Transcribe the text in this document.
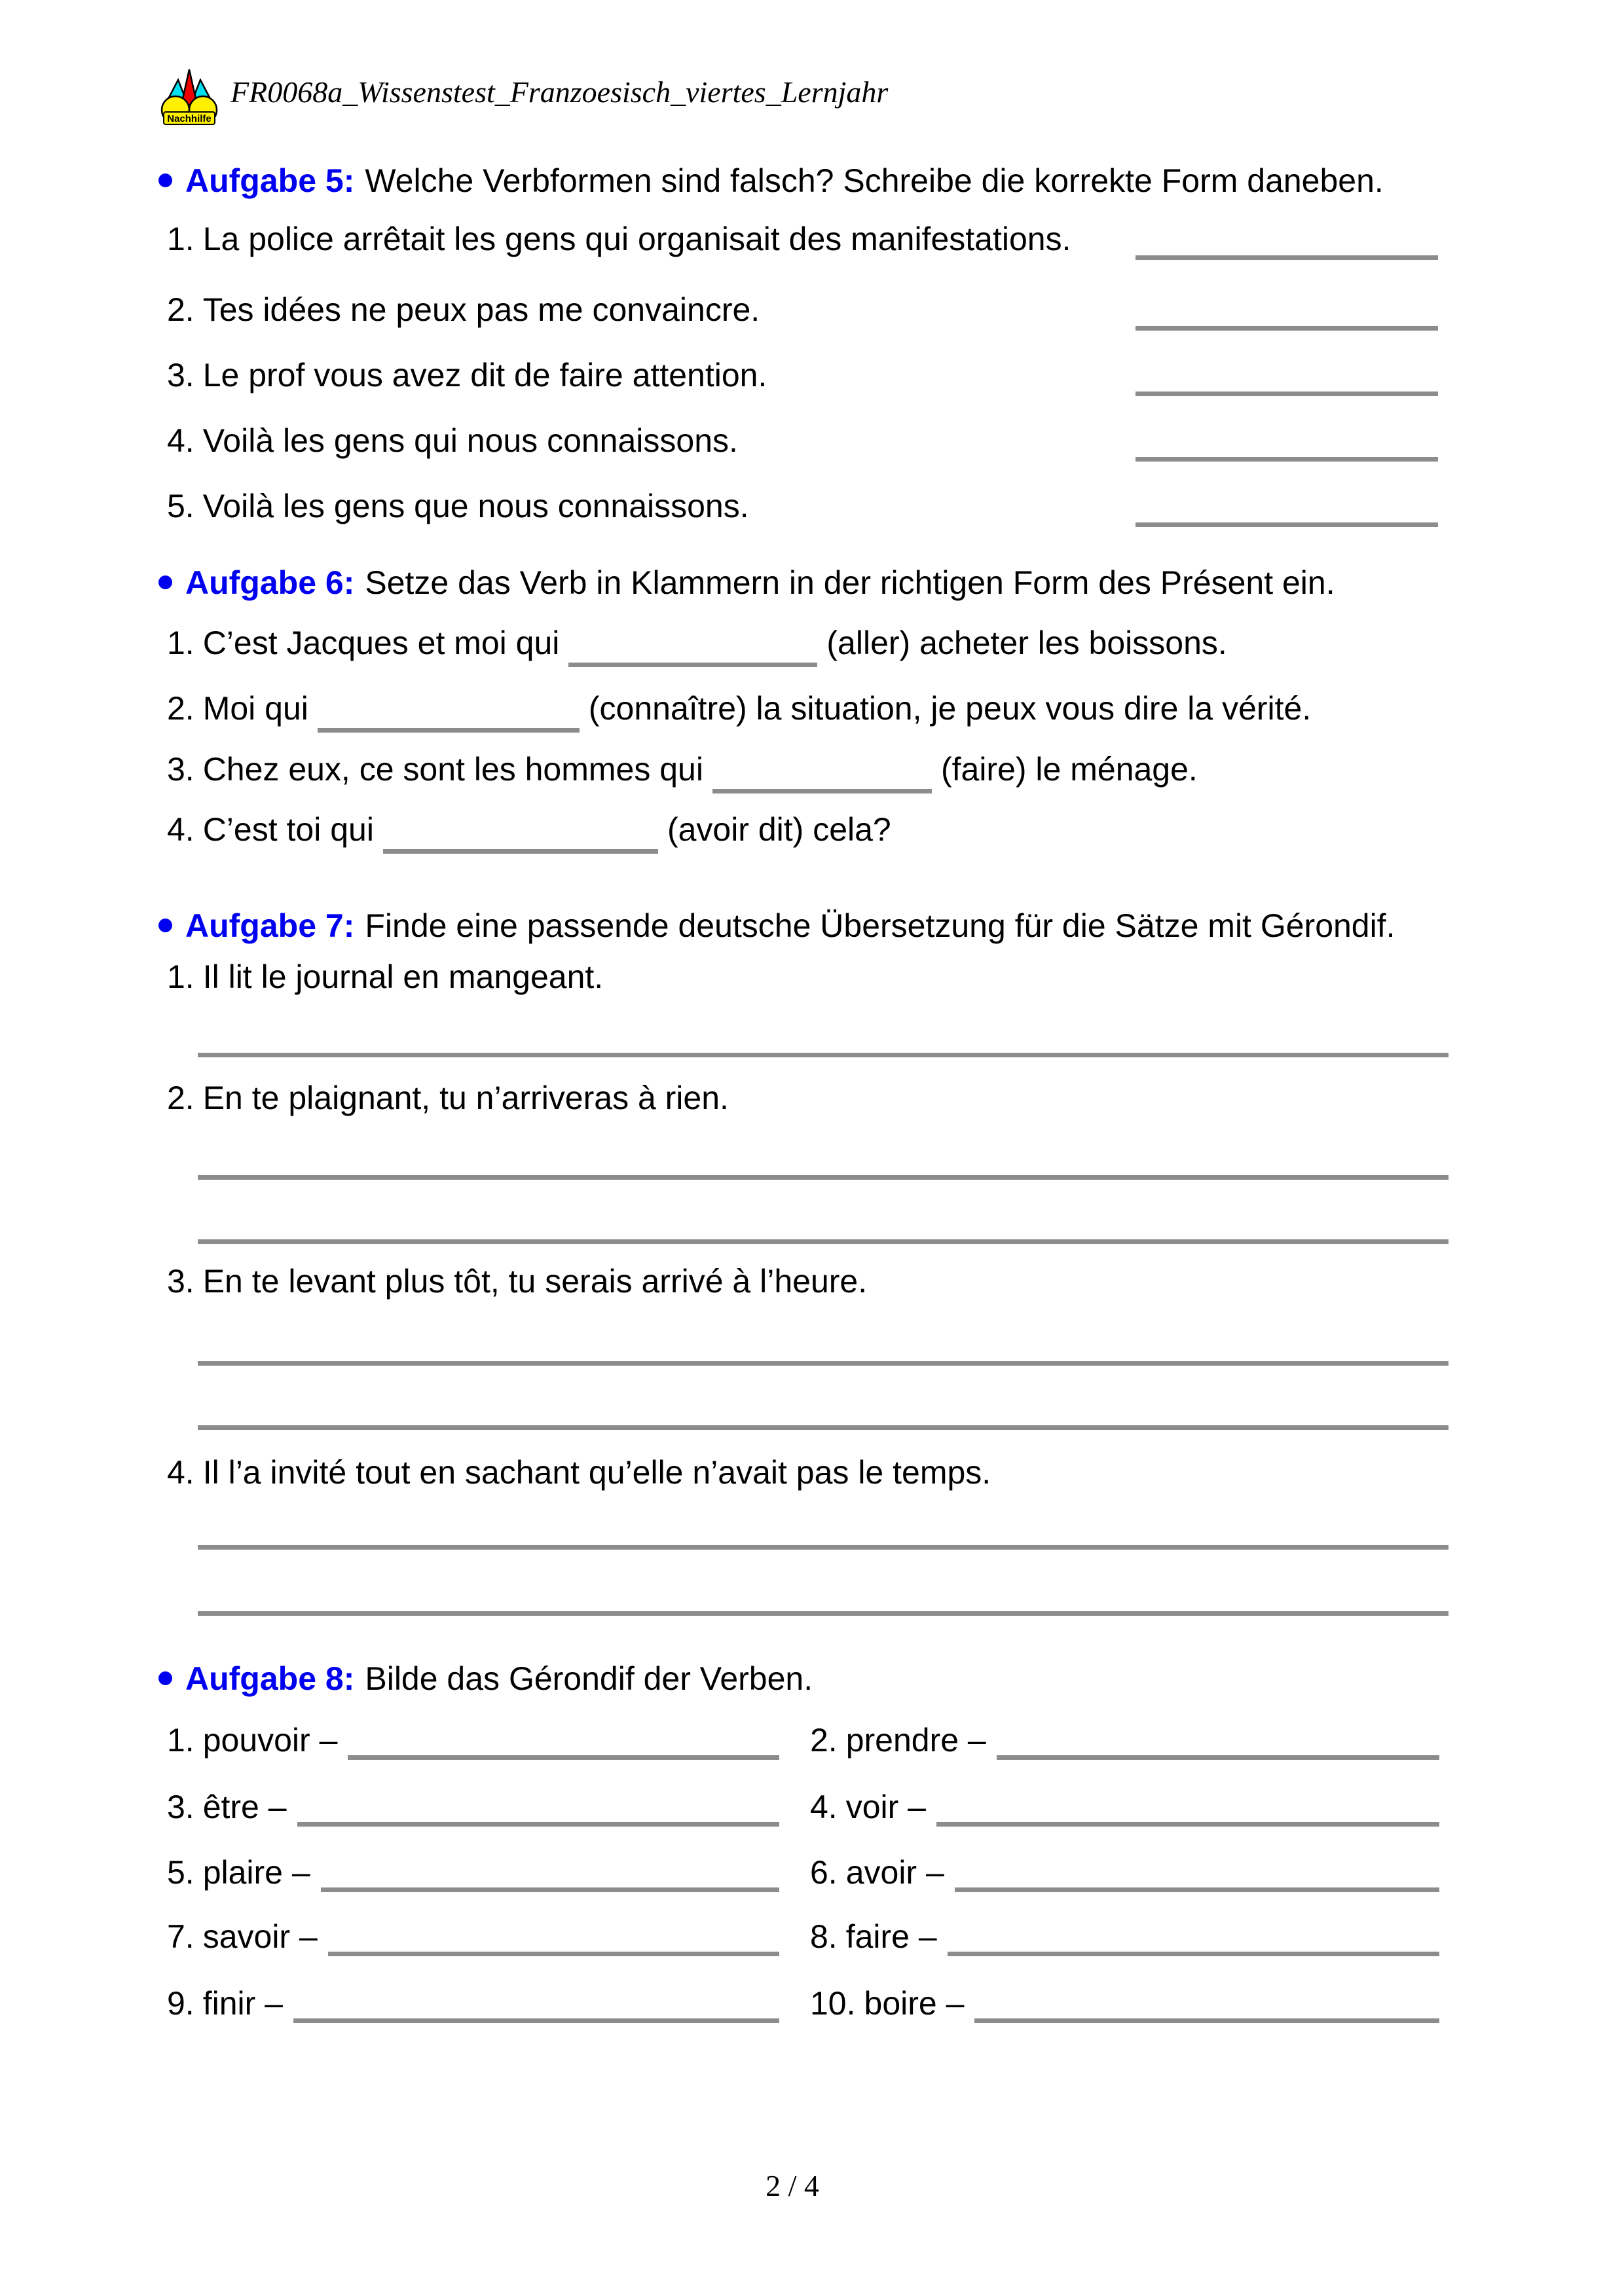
Nachhilfe
FR0068a_Wissenstest_Franzoesisch_viertes_Lernjahr
Aufgabe 5: Welche Verbformen sind falsch? Schreibe die korrekte Form daneben.
1. La police arrêtait les gens qui organisait des manifestations.
2. Tes idées ne peux pas me convaincre.
3. Le prof vous avez dit de faire attention.
4. Voilà les gens qui nous connaissons.
5. Voilà les gens que nous connaissons.
Aufgabe 6: Setze das Verb in Klammern in der richtigen Form des Présent ein.
1. C’est Jacques et moi qui	(aller) acheter les boissons.
2. Moi qui	(connaître) la situation, je peux vous dire la vérité.
3. Chez eux, ce sont les hommes qui	(faire) le ménage.
4. C’est toi qui	(avoir dit) cela?
Aufgabe 7: Finde eine passende deutsche Übersetzung für die Sätze mit Gérondif.
1. Il lit le journal en mangeant.
2. En te plaignant, tu n’arriveras à rien.
3. En te levant plus tôt, tu serais arrivé à l’heure.
4. Il l’a invité tout en sachant qu’elle n’avait pas le temps.
Aufgabe 8: Bilde das Gérondif der Verben.
1. pouvoir –	2. prendre –
3. être –	4. voir –
5. plaire –	6. avoir –
7. savoir –	8. faire –
9. finir –	10. boire –
2 / 4
